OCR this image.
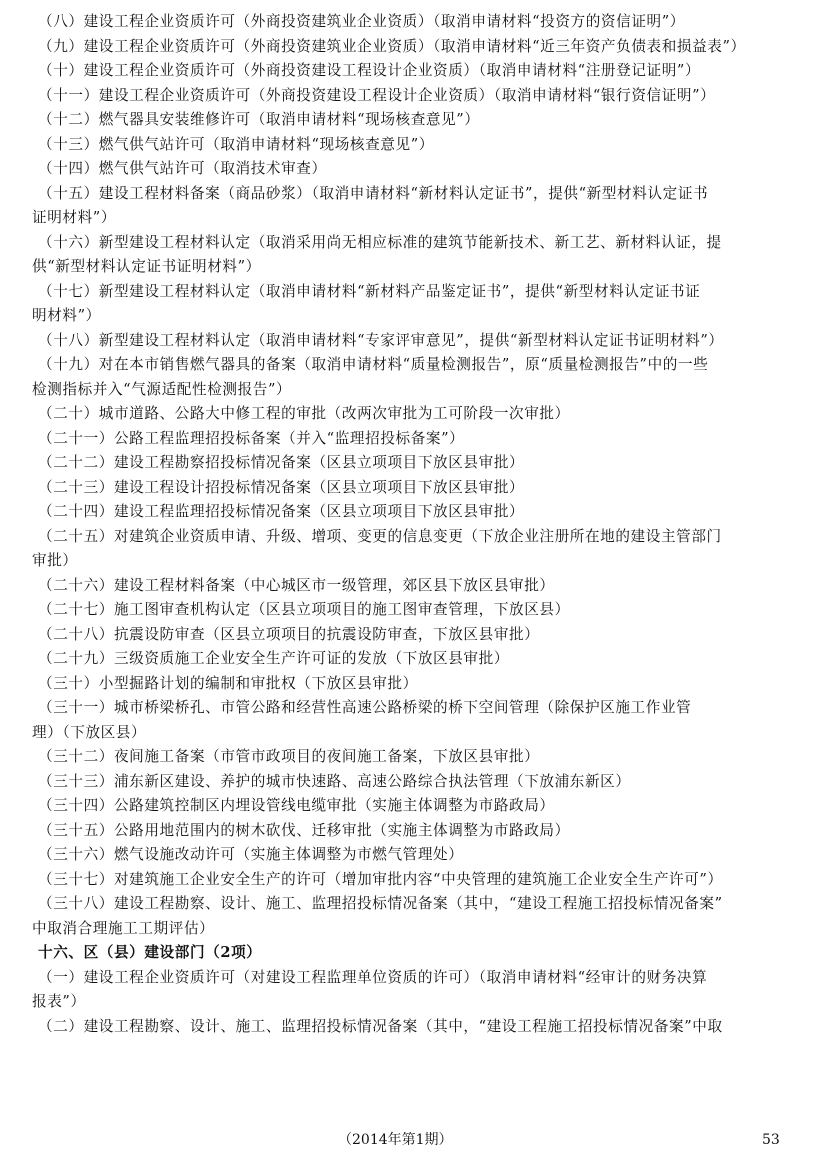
（八）建设工程企业资质许可（外商投资建筑业企业资质）（取消申请材料“投资方的资信证明”）
（九）建设工程企业资质许可（外商投资建筑业企业资质）（取消申请材料“近三年资产负债表和损益表”）
（十）建设工程企业资质许可（外商投资建设工程设计企业资质）（取消申请材料“注册登记证明”）
（十一）建设工程企业资质许可（外商投资建设工程设计企业资质）（取消申请材料“银行资信证明”）
（十二）燃气器具安装维修许可（取消申请材料“现场核查意见”）
（十三）燃气供气站许可（取消申请材料“现场核查意见”）
（十四）燃气供气站许可（取消技术审查）
（十五）建设工程材料备案（商品砂浆）（取消申请材料“新材料认定证书”，提供“新型材料认定证书
证明材料”）
（十六）新型建设工程材料认定（取消采用尚无相应标准的建筑节能新技术、新工艺、新材料认证，提
供“新型材料认定证书证明材料”）
（十七）新型建设工程材料认定（取消申请材料“新材料产品鉴定证书”，提供“新型材料认定证书证
明材料”）
（十八）新型建设工程材料认定（取消申请材料“专家评审意见”，提供“新型材料认定证书证明材料”）
（十九）对在本市销售燃气器具的备案（取消申请材料“质量检测报告”，原“质量检测报告”中的一些
检测指标并入“气源适配性检测报告”）
（二十）城市道路、公路大中修工程的审批（改两次审批为工可阶段一次审批）
（二十一）公路工程监理招投标备案（并入“监理招投标备案”）
（二十二）建设工程勘察招投标情况备案（区县立项项目下放区县审批）
（二十三）建设工程设计招投标情况备案（区县立项项目下放区县审批）
（二十四）建设工程监理招投标情况备案（区县立项项目下放区县审批）
（二十五）对建筑企业资质申请、升级、增项、变更的信息变更（下放企业注册所在地的建设主管部门
审批）
（二十六）建设工程材料备案（中心城区市一级管理，郊区县下放区县审批）
（二十七）施工图审查机构认定（区县立项项目的施工图审查管理，下放区县）
（二十八）抗震设防审查（区县立项项目的抗震设防审查，下放区县审批）
（二十九）三级资质施工企业安全生产许可证的发放（下放区县审批）
（三十）小型掘路计划的编制和审批权（下放区县审批）
（三十一）城市桥梁桥孔、市管公路和经营性高速公路桥梁的桥下空间管理（除保护区施工作业管
理）（下放区县）
（三十二）夜间施工备案（市管市政项目的夜间施工备案，下放区县审批）
（三十三）浦东新区建设、养护的城市快速路、高速公路综合执法管理（下放浦东新区）
（三十四）公路建筑控制区内埋设管线电缆审批（实施主体调整为市路政局）
（三十五）公路用地范围内的树木砍伐、迁移审批（实施主体调整为市路政局）
（三十六）燃气设施改动许可（实施主体调整为市燃气管理处）
（三十七）对建筑施工企业安全生产的许可（增加审批内容“中央管理的建筑施工企业安全生产许可”）
（三十八）建设工程勘察、设计、施工、监理招投标情况备案（其中，“建设工程施工招投标情况备案”
中取消合理施工工期评估）
十六、区（县）建设部门（2项）
（一）建设工程企业资质许可（对建设工程监理单位资质的许可）（取消申请材料“经审计的财务决算
报表”）
（二）建设工程勘察、设计、施工、监理招投标情况备案（其中，“建设工程施工招投标情况备案”中取
（2014年第1期）	53
